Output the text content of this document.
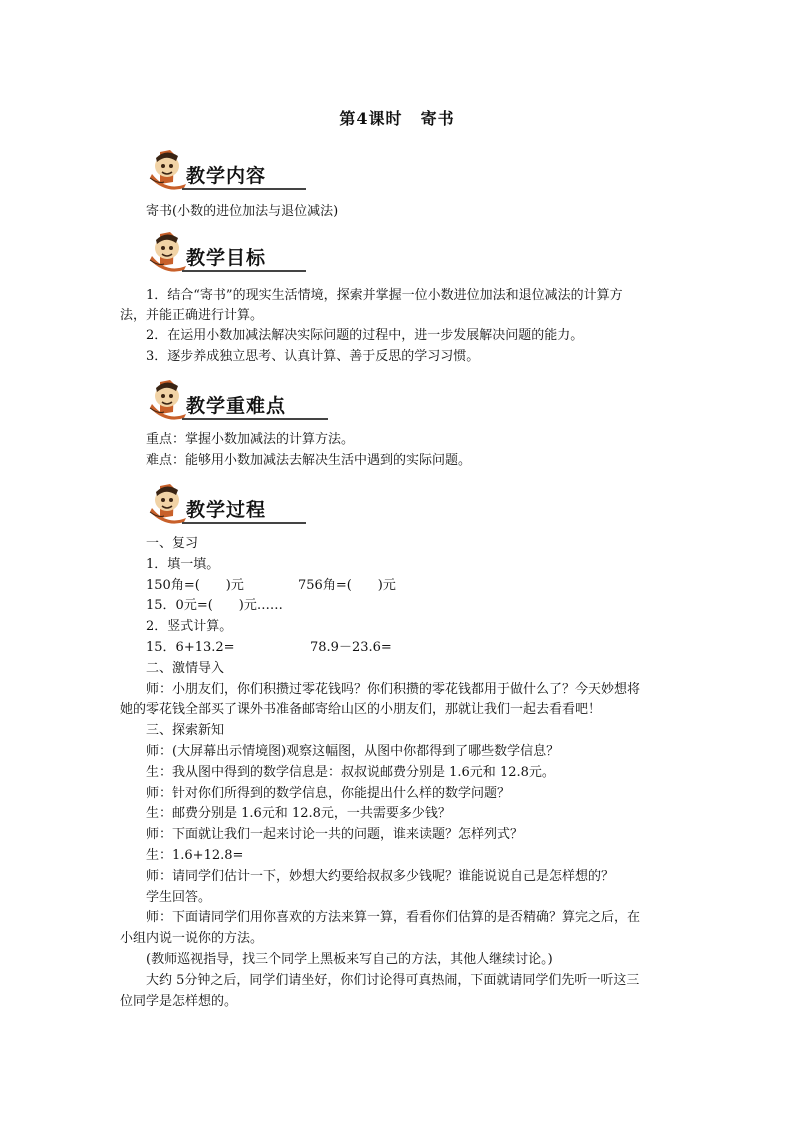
第4课时 寄书
教学内容
寄书(小数的进位加法与退位减法)
教学目标
1．结合“寄书”的现实生活情境，探索并掌握一位小数进位加法和退位减法的计算方
法，并能正确进行计算。
2．在运用小数加减法解决实际问题的过程中，进一步发展解决问题的能力。
3．逐步养成独立思考、认真计算、善于反思的学习习惯。
教学重难点
重点：掌握小数加减法的计算方法。
难点：能够用小数加减法去解决生活中遇到的实际问题。
教学过程
一、复习
1．填一填。
150角=(　　)元	756角=(　　)元
15．0元=(　　)元……
2．竖式计算。
15．6+13.2=	78.9－23.6=
二、激情导入
师：小朋友们，你们积攒过零花钱吗？你们积攒的零花钱都用于做什么了？今天妙想将
她的零花钱全部买了课外书准备邮寄给山区的小朋友们，那就让我们一起去看看吧！
三、探索新知
师：(大屏幕出示情境图)观察这幅图，从图中你都得到了哪些数学信息？
生：我从图中得到的数学信息是：叔叔说邮费分别是 1.6元和 12.8元。
师：针对你们所得到的数学信息，你能提出什么样的数学问题？
生：邮费分别是 1.6元和 12.8元，一共需要多少钱？
师：下面就让我们一起来讨论一共的问题，谁来读题？怎样列式？
生：1.6+12.8=
师：请同学们估计一下，妙想大约要给叔叔多少钱呢？谁能说说自己是怎样想的？
学生回答。
师：下面请同学们用你喜欢的方法来算一算，看看你们估算的是否精确？算完之后，在
小组内说一说你的方法。
(教师巡视指导，找三个同学上黑板来写自己的方法，其他人继续讨论。)
大约 5分钟之后，同学们请坐好，你们讨论得可真热闹，下面就请同学们先听一听这三
位同学是怎样想的。
